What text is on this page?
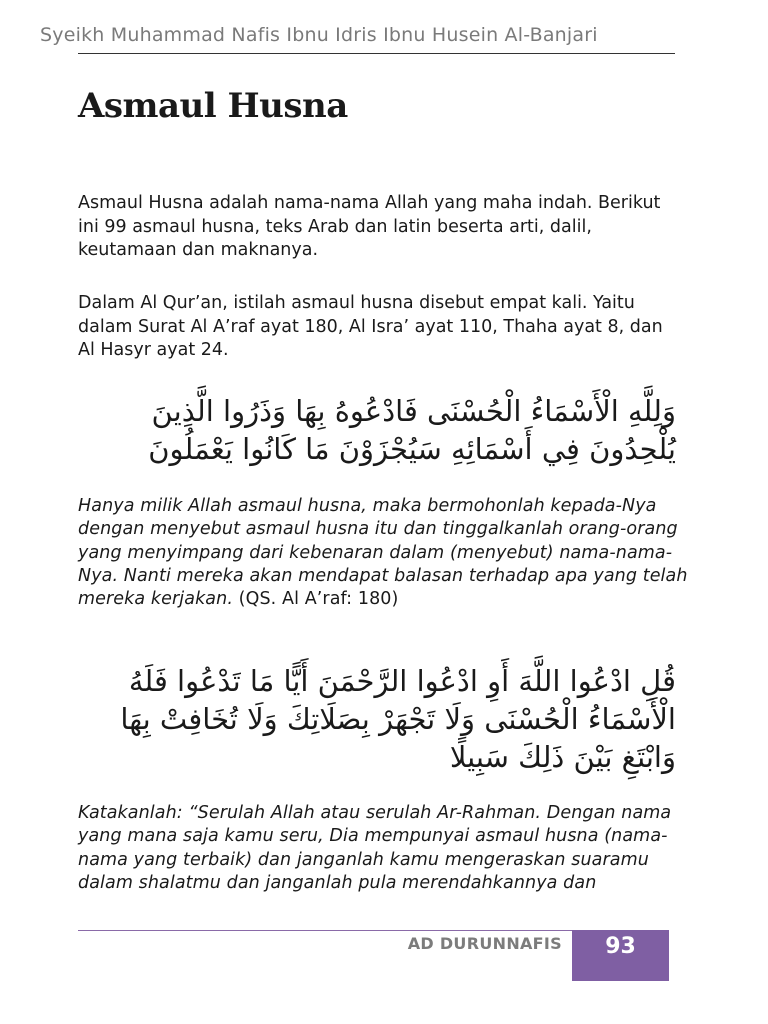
Syeikh Muhammad Nafis Ibnu Idris Ibnu Husein Al-Banjari
Asmaul Husna

Asmaul Husna adalah nama-nama Allah yang maha indah. Berikut ini 99 asmaul husna, teks Arab dan latin beserta arti, dalil, keutamaan dan maknanya.

Dalam Al Qur’an, istilah asmaul husna disebut empat kali. Yaitu dalam Surat Al A’raf ayat 180, Al Isra’ ayat 110, Thaha ayat 8, dan Al Hasyr ayat 24.

وَلِلَّهِ الْأَسْمَاءُ الْحُسْنَى فَادْعُوهُ بِهَا وَذَرُوا الَّذِينَ يُلْحِدُونَ فِي أَسْمَائِهِ سَيُجْزَوْنَ مَا كَانُوا يَعْمَلُونَ

Hanya milik Allah asmaul husna, maka bermohonlah kepada-Nya dengan menyebut asmaul husna itu dan tinggalkanlah orang-orang yang menyimpang dari kebenaran dalam (menyebut) nama-nama-Nya. Nanti mereka akan mendapat balasan terhadap apa yang telah mereka kerjakan. (QS. Al A’raf: 180)

قُلِ ادْعُوا اللَّهَ أَوِ ادْعُوا الرَّحْمَنَ أَيًّا مَا تَدْعُوا فَلَهُ الْأَسْمَاءُ الْحُسْنَى وَلَا تَجْهَرْ بِصَلَاتِكَ وَلَا تُخَافِتْ بِهَا وَابْتَغِ بَيْنَ ذَلِكَ سَبِيلًا

Katakanlah: “Serulah Allah atau serulah Ar-Rahman. Dengan nama yang mana saja kamu seru, Dia mempunyai asmaul husna (nama-nama yang terbaik) dan janganlah kamu mengeraskan suaramu dalam shalatmu dan janganlah pula merendahkannya dan

AD DURUNNAFIS	93
